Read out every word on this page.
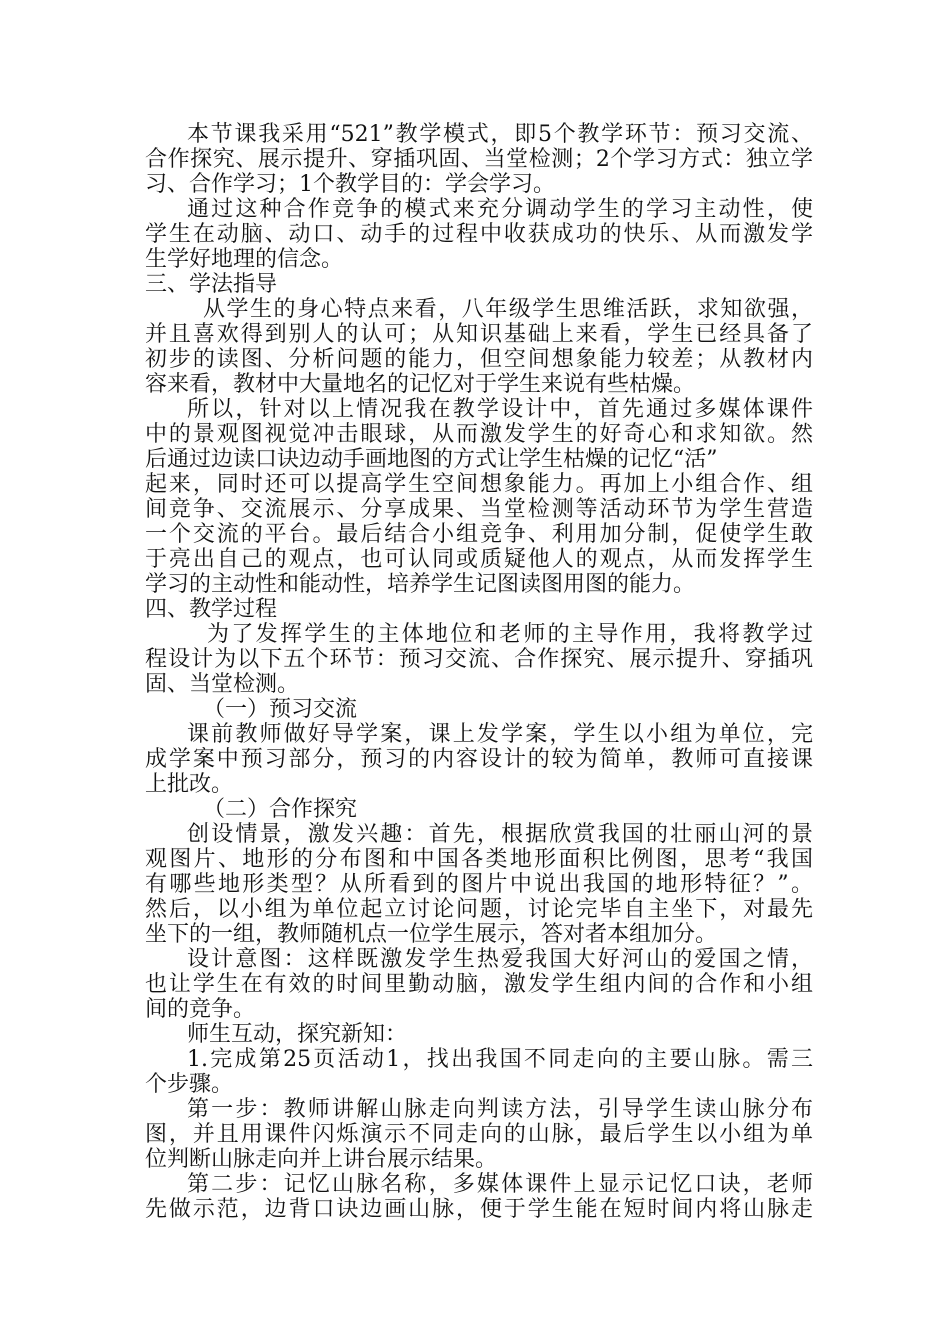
本节课我采用“521”教学模式，即5个教学环节：预习交流、
合作探究、展示提升、穿插巩固、当堂检测；2个学习方式：独立学
习、合作学习；1个教学目的：学会学习。
通过这种合作竞争的模式来充分调动学生的学习主动性，使
学生在动脑、动口、动手的过程中收获成功的快乐、从而激发学
生学好地理的信念。
三、学法指导
从学生的身心特点来看，八年级学生思维活跃，求知欲强，
并且喜欢得到别人的认可；从知识基础上来看，学生已经具备了
初步的读图、分析问题的能力，但空间想象能力较差；从教材内
容来看，教材中大量地名的记忆对于学生来说有些枯燥。
所以，针对以上情况我在教学设计中，首先通过多媒体课件
中的景观图视觉冲击眼球，从而激发学生的好奇心和求知欲。然
后通过边读口诀边动手画地图的方式让学生枯燥的记忆“活”
起来，同时还可以提高学生空间想象能力。再加上小组合作、组
间竞争、交流展示、分享成果、当堂检测等活动环节为学生营造
一个交流的平台。最后结合小组竞争、利用加分制，促使学生敢
于亮出自己的观点，也可认同或质疑他人的观点，从而发挥学生
学习的主动性和能动性，培养学生记图读图用图的能力。
四、教学过程
为了发挥学生的主体地位和老师的主导作用，我将教学过
程设计为以下五个环节：预习交流、合作探究、展示提升、穿插巩
固、当堂检测。
（一）预习交流
课前教师做好导学案，课上发学案，学生以小组为单位，完
成学案中预习部分，预习的内容设计的较为简单，教师可直接课
上批改。
（二）合作探究
创设情景，激发兴趣：首先，根据欣赏我国的壮丽山河的景
观图片、地形的分布图和中国各类地形面积比例图，思考“我国
有哪些地形类型？从所看到的图片中说出我国的地形特征？”。
然后，以小组为单位起立讨论问题，讨论完毕自主坐下，对最先
坐下的一组，教师随机点一位学生展示，答对者本组加分。
设计意图：这样既激发学生热爱我国大好河山的爱国之情，
也让学生在有效的时间里勤动脑，激发学生组内间的合作和小组
间的竞争。
师生互动，探究新知：
1.完成第25页活动1，找出我国不同走向的主要山脉。需三
个步骤。
第一步：教师讲解山脉走向判读方法，引导学生读山脉分布
图，并且用课件闪烁演示不同走向的山脉，最后学生以小组为单
位判断山脉走向并上讲台展示结果。
第二步：记忆山脉名称，多媒体课件上显示记忆口诀，老师
先做示范，边背口诀边画山脉，便于学生能在短时间内将山脉走
